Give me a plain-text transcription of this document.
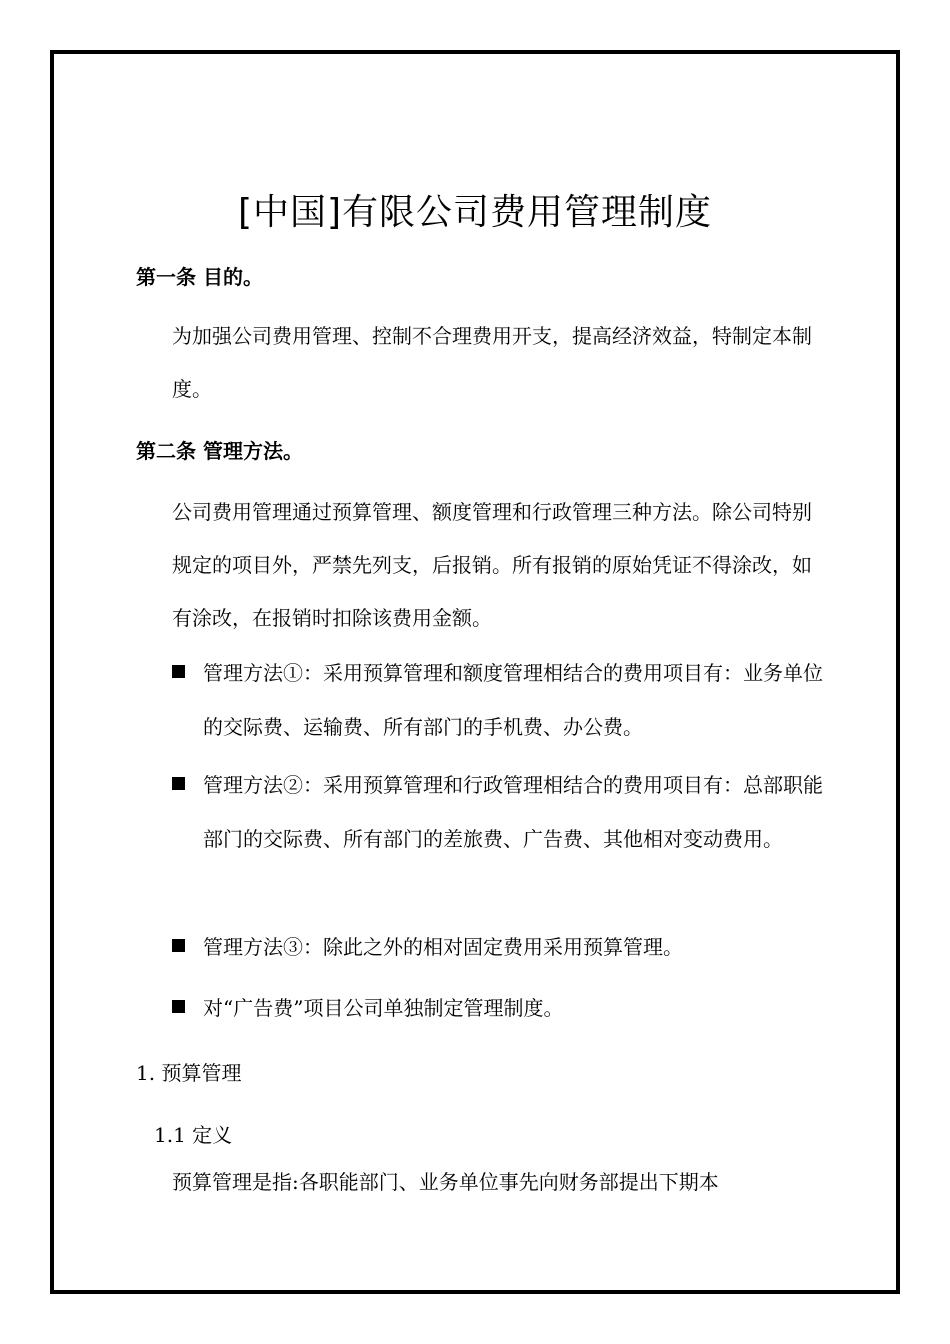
[中国]有限公司费用管理制度
第一条 目的。

为加强公司费用管理、控制不合理费用开支，提高经济效益，特制定本制度。

第二条 管理方法。

公司费用管理通过预算管理、额度管理和行政管理三种方法。除公司特别规定的项目外，严禁先列支，后报销。所有报销的原始凭证不得涂改，如有涂改，在报销时扣除该费用金额。

管理方法①：采用预算管理和额度管理相结合的费用项目有：业务单位的交际费、运输费、所有部门的手机费、办公费。
管理方法②：采用预算管理和行政管理相结合的费用项目有：总部职能部门的交际费、所有部门的差旅费、广告费、其他相对变动费用。
管理方法③：除此之外的相对固定费用采用预算管理。
对“广告费”项目公司单独制定管理制度。
1. 预算管理
1.1 定义

预算管理是指:各职能部门、业务单位事先向财务部提出下期本
